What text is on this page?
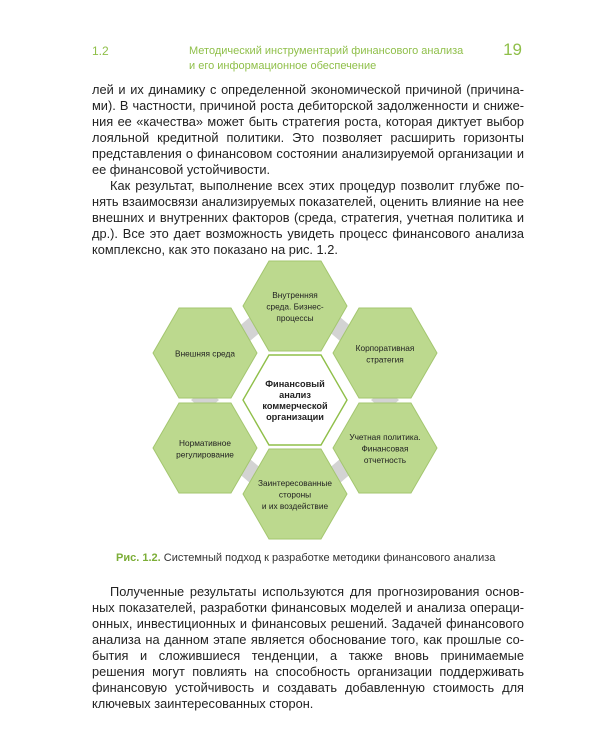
1.2	Методический инструментарий финансового анализа и его информационное обеспечение
19

лей и их динамику с определенной экономической причиной (причинами). В частности, причиной роста дебиторской задолженности и снижения ее «качества» может быть стратегия роста, которая диктует выбор лояльной кредитной политики. Это позволяет расширить горизонты представления о финансовом состоянии анализируемой организации и ее финансовой устойчивости.

Как результат, выполнение всех этих процедур позволит глубже понять взаимосвязи анализируемых показателей, оценить влияние на нее внешних и внутренних факторов (среда, стратегия, учетная политика и др.). Все это дает возможность увидеть процесс финансового анализа комплексно, как это показано на рис. 1.2.

Внутренняя
среда. Бизнес-
процессы
Внешняя среда
Корпоративная
стратегия
Нормативное
регулирование
Учетная политика.
Финансовая
отчетность
Заинтересованные
стороны
и их воздействие
Финансовый
анализ
коммерческой
организации
Рис. 1.2. Системный подход к разработке методики финансового анализа

Полученные результаты используются для прогнозирования основных показателей, разработки финансовых моделей и анализа операционных, инвестиционных и финансовых решений. Задачей финансового анализа на данном этапе является обоснование того, как прошлые события и сложившиеся тенденции, а также вновь принимаемые решения могут повлиять на способность организации поддерживать финансовую устойчивость и создавать добавленную стоимость для ключевых заинтересованных сторон.
